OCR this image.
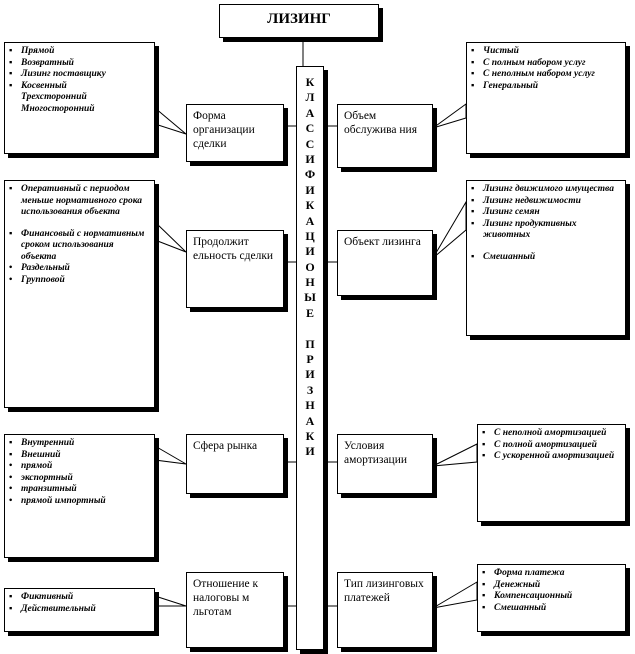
ЛИЗИНГ
К
Л
А
С
С
И
Ф
И
К
А
Ц
И
О
Н
Ы
Е
П
Р
И
З
Н
А
К
И
Форма организации сделки
Продолжит ельность сделки
Сфера рынка
Отношение к налоговы м льготам
Объем обслужива ния
Объект лизинга
Условия амортизации
Тип лизинговых платежей
▪ Прямой
▪ Возвратный
▪ Лизинг поставщику
▪ Косвенный
Трехсторонний
Многосторонний
▪ Оперативный с периодом меньше нормативного срока использования объекта
▪ Финансовый с нормативным сроком использования объекта
• Раздельный
• Групповой
▪ Внутренний
▪ Внешний
• прямой
• экспортный
• транзитный
• прямой импортный
▪ Фиктивный
▪ Действительный
▪ Чистый
▪ С полным набором услуг
▪ С неполным набором услуг
▪ Генеральный
▪ Лизинг движимого имущества
▪ Лизинг недвижимости
▪ Лизинг семян
▪ Лизинг продуктивных животных
▪ Смешанный
▪ С неполной амортизацией
▪ С полной амортизацией
▪ С ускоренной амортизацией
▪ Форма платежа
▪ Денежный
▪ Компенсационный
▪ Смешанный
